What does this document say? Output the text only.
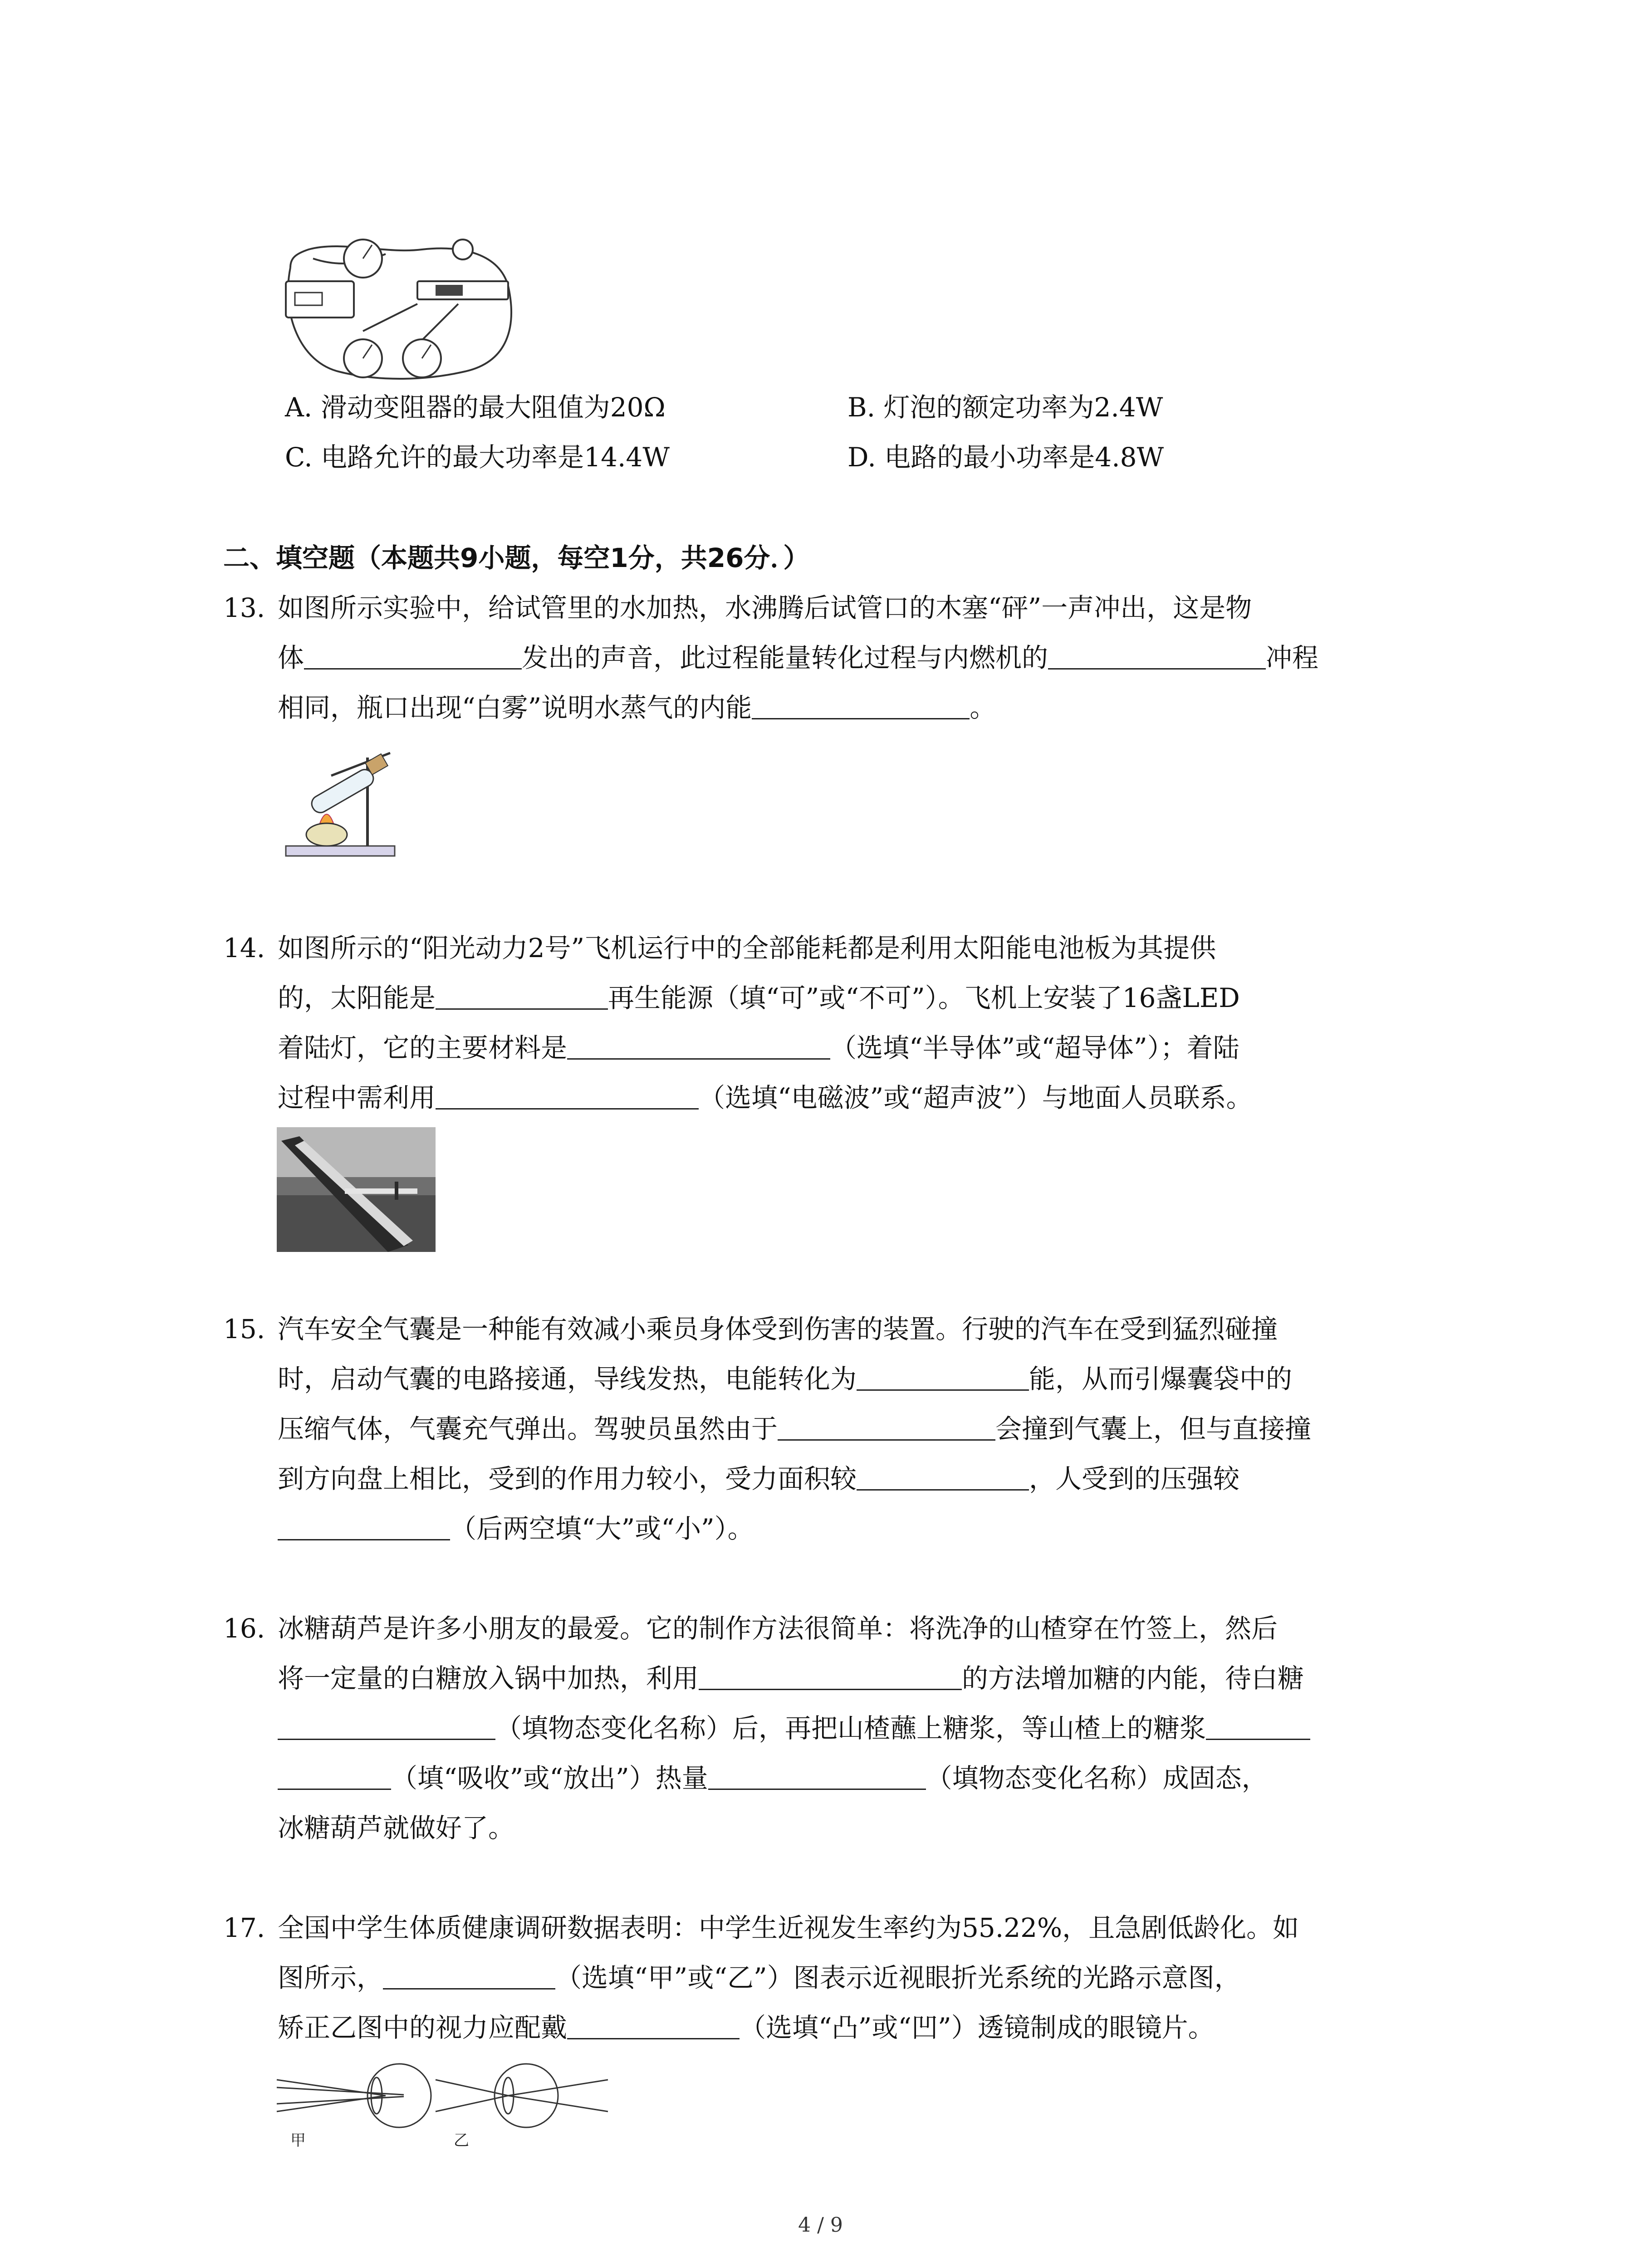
A. 滑动变阻器的最大阻值为20Ω	B. 灯泡的额定功率为2.4W
C. 电路允许的最大功率是14.4W	D. 电路的最小功率是4.8W
二、填空题（本题共9小题，每空1分，共26分．）
13. 如图所示实验中，给试管里的水加热，水沸腾后试管口的木塞“砰”一声冲出，这是物
体	发出的声音，此过程能量转化过程与内燃机的	冲程
相同，瓶口出现“白雾”说明水蒸气的内能	。
14. 如图所示的“阳光动力2号”飞机运行中的全部能耗都是利用太阳能电池板为其提供
的，太阳能是	再生能源（填“可”或“不可”）。飞机上安装了16盏LED
着陆灯，它的主要材料是	（选填“半导体”或“超导体”）；着陆
过程中需利用	（选填“电磁波”或“超声波”）与地面人员联系。
15. 汽车安全气囊是一种能有效减小乘员身体受到伤害的装置。行驶的汽车在受到猛烈碰撞
时，启动气囊的电路接通，导线发热，电能转化为	能，从而引爆囊袋中的
压缩气体，气囊充气弹出。驾驶员虽然由于	会撞到气囊上，但与直接撞
到方向盘上相比，受到的作用力较小，受力面积较	，人受到的压强较
（后两空填“大”或“小”）。
16. 冰糖葫芦是许多小朋友的最爱。它的制作方法很简单：将洗净的山楂穿在竹签上，然后
将一定量的白糖放入锅中加热，利用	的方法增加糖的内能，待白糖
（填物态变化名称）后，再把山楂蘸上糖浆，等山楂上的糖浆
（填“吸收”或“放出”）热量	（填物态变化名称）成固态，
冰糖葫芦就做好了。
17. 全国中学生体质健康调研数据表明：中学生近视发生率约为55.22%，且急剧低龄化。如
图所示，	（选填“甲”或“乙”）图表示近视眼折光系统的光路示意图，
矫正乙图中的视力应配戴	（选填“凸”或“凹”）透镜制成的眼镜片。
甲	乙
4 / 9
